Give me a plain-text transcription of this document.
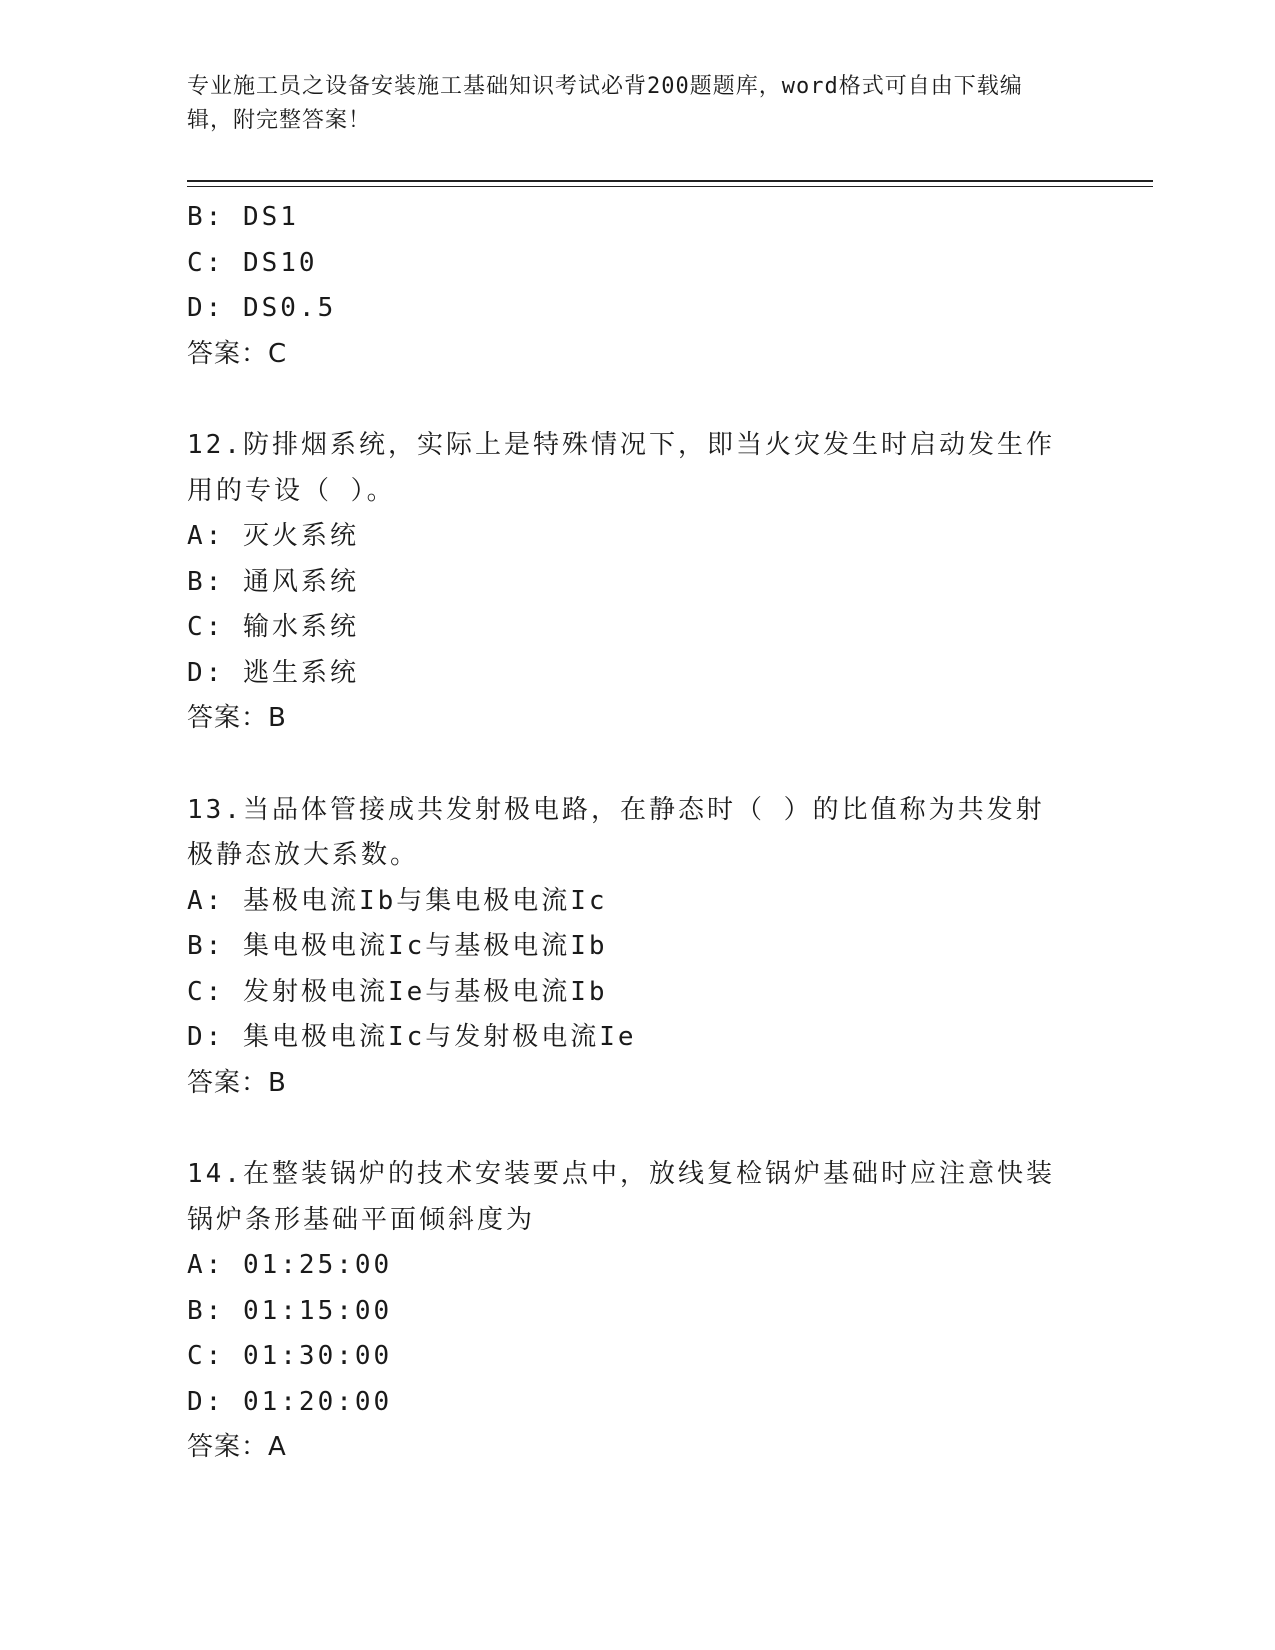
专业施工员之设备安装施工基础知识考试必背200题题库，word格式可自由下载编辑，附完整答案！

B: DS1

C: DS10

D: DS0.5

答案：C

12.防排烟系统，实际上是特殊情况下，即当火灾发生时启动发生作用的专设（ ）。

A: 灭火系统

B: 通风系统

C: 输水系统

D: 逃生系统

答案：B

13.当品体管接成共发射极电路，在静态时（ ）的比值称为共发射极静态放大系数。

A: 基极电流Ib与集电极电流Ic

B: 集电极电流Ic与基极电流Ib

C: 发射极电流Ie与基极电流Ib

D: 集电极电流Ic与发射极电流Ie

答案：B

14.在整装锅炉的技术安装要点中，放线复检锅炉基础时应注意快装锅炉条形基础平面倾斜度为

A: 01:25:00

B: 01:15:00

C: 01:30:00

D: 01:20:00

答案：A
